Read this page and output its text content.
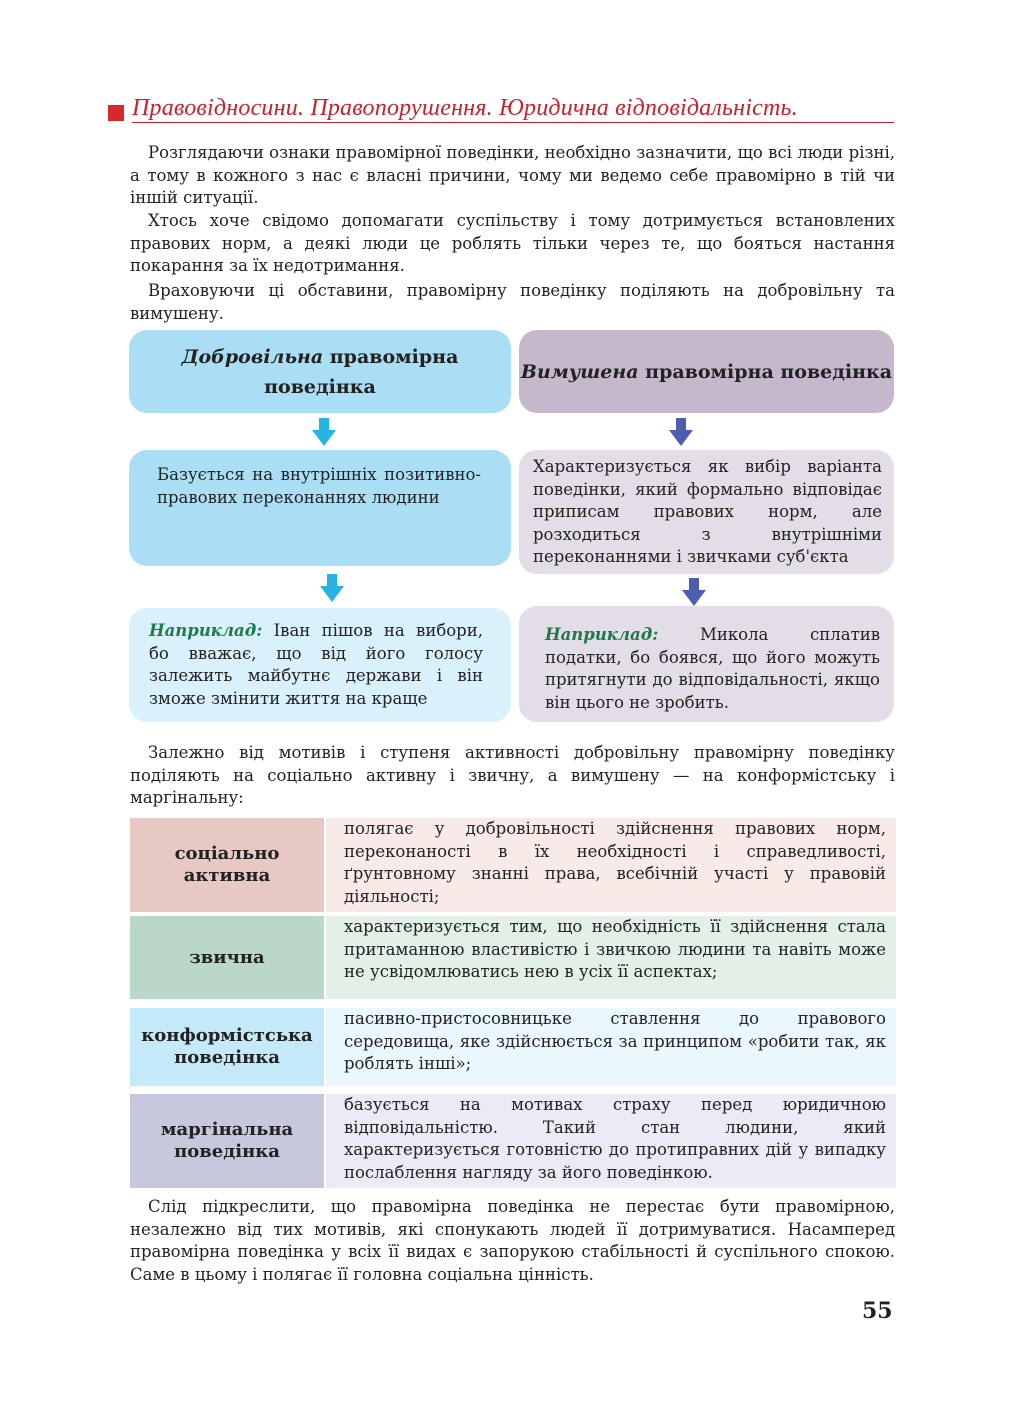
Правовідносини. Правопорушення. Юридична відповідальність.
Розглядаючи ознаки правомірної поведінки, необхідно зазначити, що всі люди різні, а тому в кожного з нас є власні причини, чому ми ведемо себе правомірно в тій чи іншій ситуації.
Хтось хоче свідомо допомагати суспільству і тому дотримується встановлених правових норм, а деякі люди це роблять тільки через те, що бояться настання покарання за їх недотримання.
Враховуючи ці обставини, правомірну поведінку поділяють на добровільну та вимушену.
Добровільна правомірна поведінка
Базується на внутрішніх позитивно-правових переконаннях людини
Наприклад: Іван пішов на вибори, бо вважає, що від його голосу залежить майбутнє держави і він зможе змінити життя на краще
Вимушена правомірна поведінка
Характеризується як вибір варіанта поведінки, який формально відповідає приписам правових норм, але розходиться з внутрішніми переконаннями і звичками суб'єкта
Наприклад: Микола сплатив податки, бо боявся, що його можуть притягнути до відповідальності, якщо він цього не зробить.
Залежно від мотивів і ступеня активності добровільну правомірну поведінку поділяють на соціально активну і звичну, а вимушену — на конформістську і маргінальну:
соціально активна
полягає у добровільності здійснення правових норм, переконаності в їх необхідності і справедливості, ґрунтовному знанні права, всебічній участі у правовій діяльності;
звична
характеризується тим, що необхідність її здійснення стала притаманною властивістю і звичкою людини та навіть може не усвідомлюватись нею в усіх її аспектах;
конформістська поведінка
пасивно-пристосовницьке ставлення до правового середовища, яке здійснюється за принципом «робити так, як роблять інші»;
маргінальна поведінка
базується на мотивах страху перед юридичною відповідальністю. Такий стан людини, який характеризується готовністю до протиправних дій у випадку послаблення нагляду за його поведінкою.
Слід підкреслити, що правомірна поведінка не перестає бути правомірною, незалежно від тих мотивів, які спонукають людей її дотримуватися. Насамперед правомірна поведінка у всіх її видах є запорукою стабільності й суспільного спокою. Саме в цьому і полягає її головна соціальна цінність.
55
